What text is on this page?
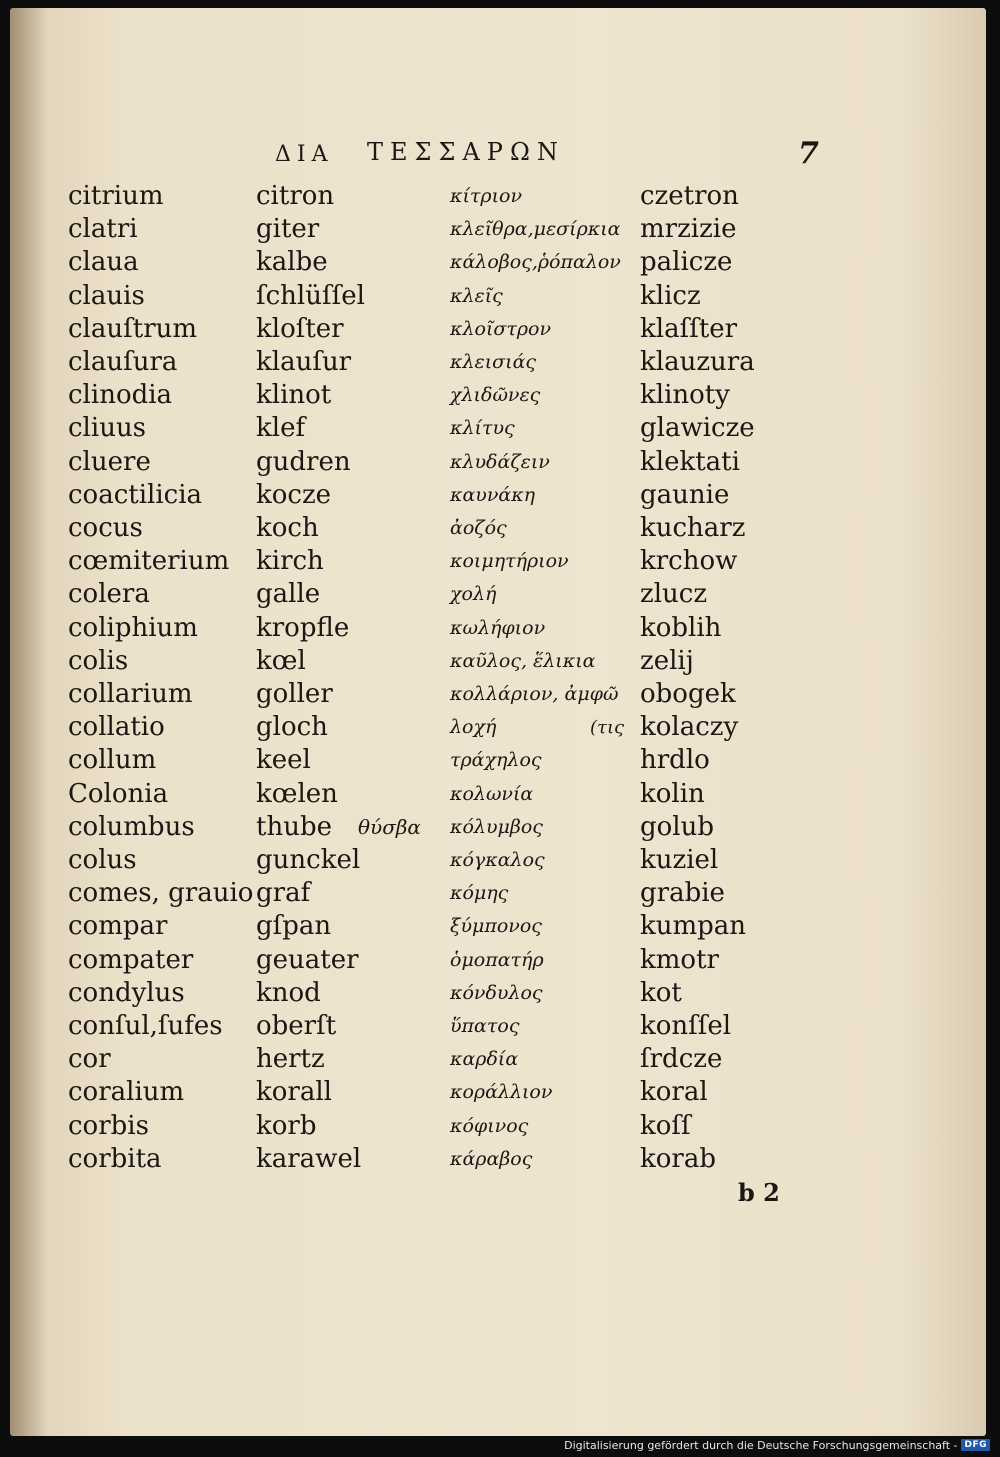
ΔΙΑ ΤΕΣΣΑΡΩΝ	7
citrium	citron	κίτριον	czetron
clatri	giter	κλεῖθρα,μεσίρκια mrzizie
claua	kalbe	κάλοβος,ῥόπαλον palicze
clauis	ſchlüſſel	κλεῖς	klicz
clauſtrum kloſter	κλοῖστρον	klaſſter
clauſura	klauſur	κλεισιάς	klauzura
clinodia	klinot	χλιδῶνες	klinoty
cliuus	klef	κλίτυς	glawicze
cluere	gudren	κλυδάζειν	klektati
coactilicia kocze	καυνάκη	gaunie
cocus	koch	ἀοζός	kucharz
cœmiterium kirch	κοιμητήριον	krchow
colera	galle	χολή	zlucz
coliphium kropfle	κωλήφιον	koblih
colis	kœl	καῦλος, ἕλικια zelij
collarium goller	κολλάριον, ἀμφῶ obogek
collatio	gloch	λοχή	(τις kolaczy
collum	keel	τράχηλος	hrdlo
Colonia	kœlen	κολωνία	kolin
columbus thube θύσβα κόλυμβος	golub
colus	gunckel	κόγκαλος	kuziel
comes, grauio graf	κόμης	grabie
compar	gſpan	ξύμπονος	kumpan
compater geuater	ὁμοπατήρ	kmotr
condylus	knod	κόνδυλος	kot
conſul,ſufes oberſt	ὕπατος	konſſel
cor	hertz	καρδία	ſrdcze
coralium	korall	κοράλλιον	koral
corbis	korb	κόφινος	koſſ
corbita	karawel	κάραβος	korab
b 2
Digitalisierung gefördert durch die Deutsche Forschungsgemeinschaft - DFG
